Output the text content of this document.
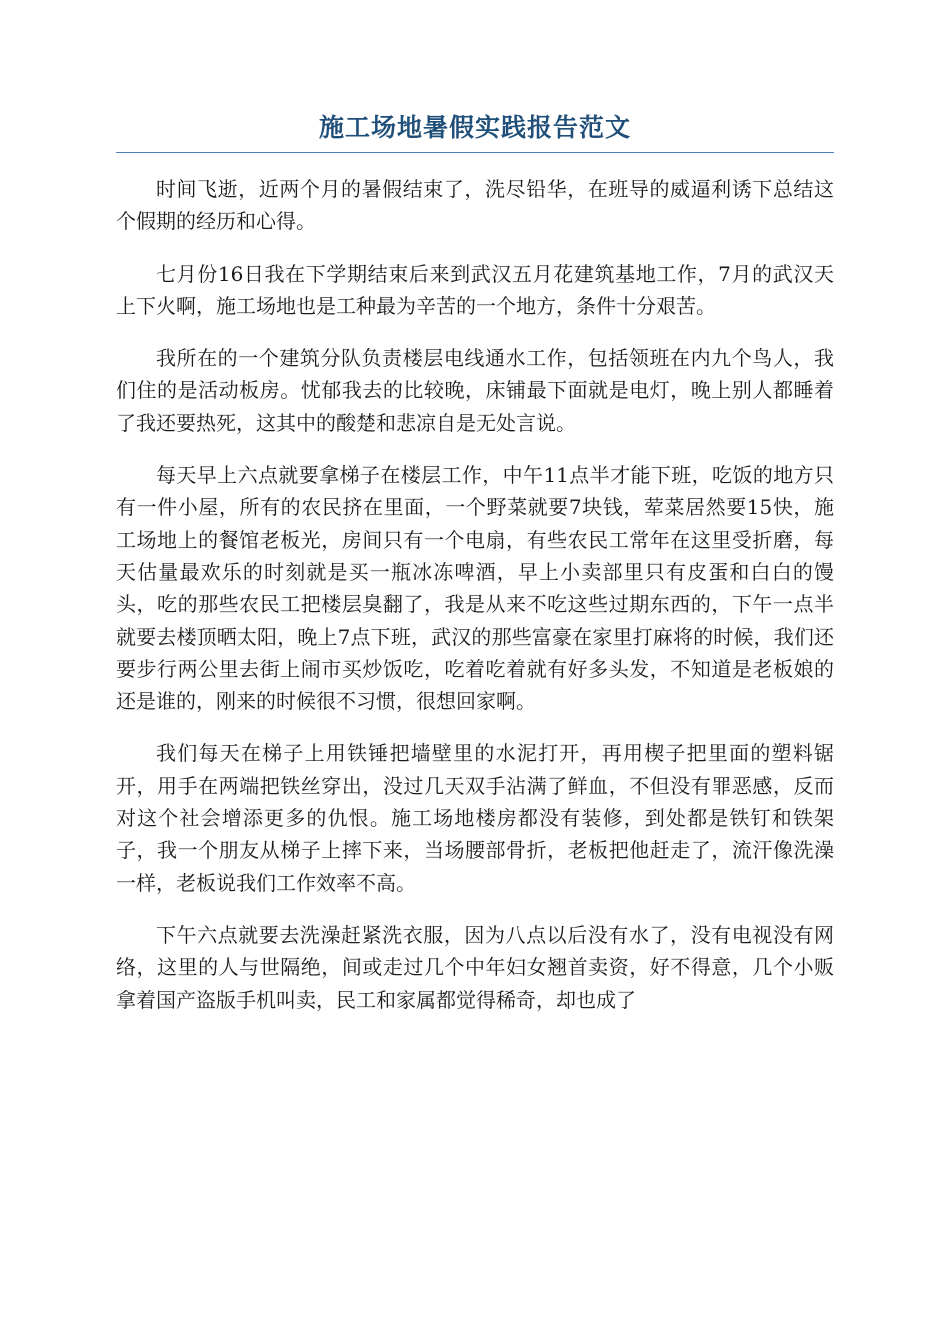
施工场地暑假实践报告范文

时间飞逝，近两个月的暑假结束了，洗尽铅华，在班导的威逼利诱下总结这个假期的经历和心得。

七月份16日我在下学期结束后来到武汉五月花建筑基地工作，7月的武汉天上下火啊，施工场地也是工种最为辛苦的一个地方，条件十分艰苦。

我所在的一个建筑分队负责楼层电线通水工作，包括领班在内九个鸟人，我们住的是活动板房。忧郁我去的比较晚，床铺最下面就是电灯，晚上别人都睡着了我还要热死，这其中的酸楚和悲凉自是无处言说。

每天早上六点就要拿梯子在楼层工作，中午11点半才能下班，吃饭的地方只有一件小屋，所有的农民挤在里面，一个野菜就要7块钱，荤菜居然要15快，施工场地上的餐馆老板光，房间只有一个电扇，有些农民工常年在这里受折磨，每天估量最欢乐的时刻就是买一瓶冰冻啤酒，早上小卖部里只有皮蛋和白白的馒头，吃的那些农民工把楼层臭翻了，我是从来不吃这些过期东西的，下午一点半就要去楼顶晒太阳，晚上7点下班，武汉的那些富豪在家里打麻将的时候，我们还要步行两公里去街上闹市买炒饭吃，吃着吃着就有好多头发，不知道是老板娘的还是谁的，刚来的时候很不习惯，很想回家啊。

我们每天在梯子上用铁锤把墙壁里的水泥打开，再用楔子把里面的塑料锯开，用手在两端把铁丝穿出，没过几天双手沾满了鲜血，不但没有罪恶感，反而对这个社会增添更多的仇恨。施工场地楼房都没有装修，到处都是铁钉和铁架子，我一个朋友从梯子上摔下来，当场腰部骨折，老板把他赶走了，流汗像洗澡一样，老板说我们工作效率不高。

下午六点就要去洗澡赶紧洗衣服，因为八点以后没有水了，没有电视没有网络，这里的人与世隔绝，间或走过几个中年妇女翘首卖资，好不得意，几个小贩拿着国产盗版手机叫卖，民工和家属都觉得稀奇，却也成了
